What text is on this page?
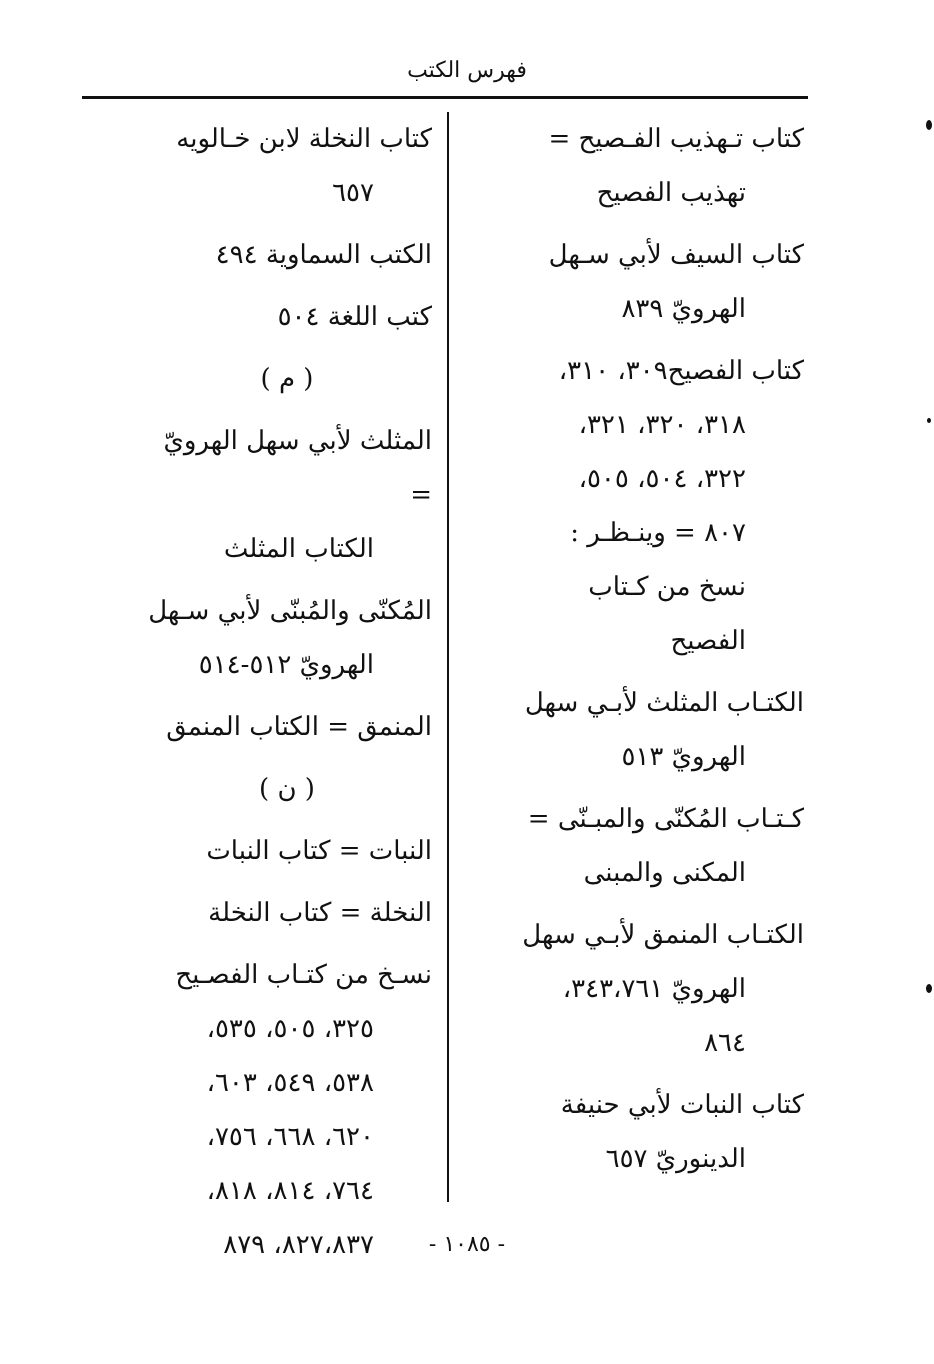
فهرس الكتب
كتاب تـهذيب الفـصيح =
تهذيب الفصيح
كتاب السيف لأبي سـهل
الهرويّ ٨٣٩
كتاب الفصيح٣٠٩، ٣١٠،
٣١٨، ٣٢٠، ٣٢١،
٣٢٢، ٥٠٤، ٥٠٥،
٨٠٧ = وينـظـر :
نسخ من كـتاب
الفصيح
الكتـاب المثلث لأبـي سهل
الهرويّ ٥١٣
كـتـاب المُكنّى والمبـنّى =
المكنى والمبنى
الكتـاب المنمق لأبـي سهل
الهرويّ ٣٤٣،٧٦١،
٨٦٤
كتاب النبات لأبي حنيفة
الدينوريّ ٦٥٧
كتاب النخلة لابن خـالويه
٦٥٧
الكتب السماوية ٤٩٤
كتب اللغة ٥٠٤
( م )
المثلث لأبي سهل الهرويّ =
الكتاب المثلث
المُكنّى والمُبنّى لأبي سـهل
الهرويّ ٥١٢-٥١٤
المنمق = الكتاب المنمق
( ن )
النبات = كتاب النبات
النخلة = كتاب النخلة
نسـخ من كتـاب الفصـيح
٣٢٥، ٥٠٥، ٥٣٥،
٥٣٨، ٥٤٩، ٦٠٣،
٦٢٠، ٦٦٨، ٧٥٦،
٧٦٤، ٨١٤، ٨١٨،
٨٢٧،٨٣٧، ٨٧٩	- ١٠٨٥ -
